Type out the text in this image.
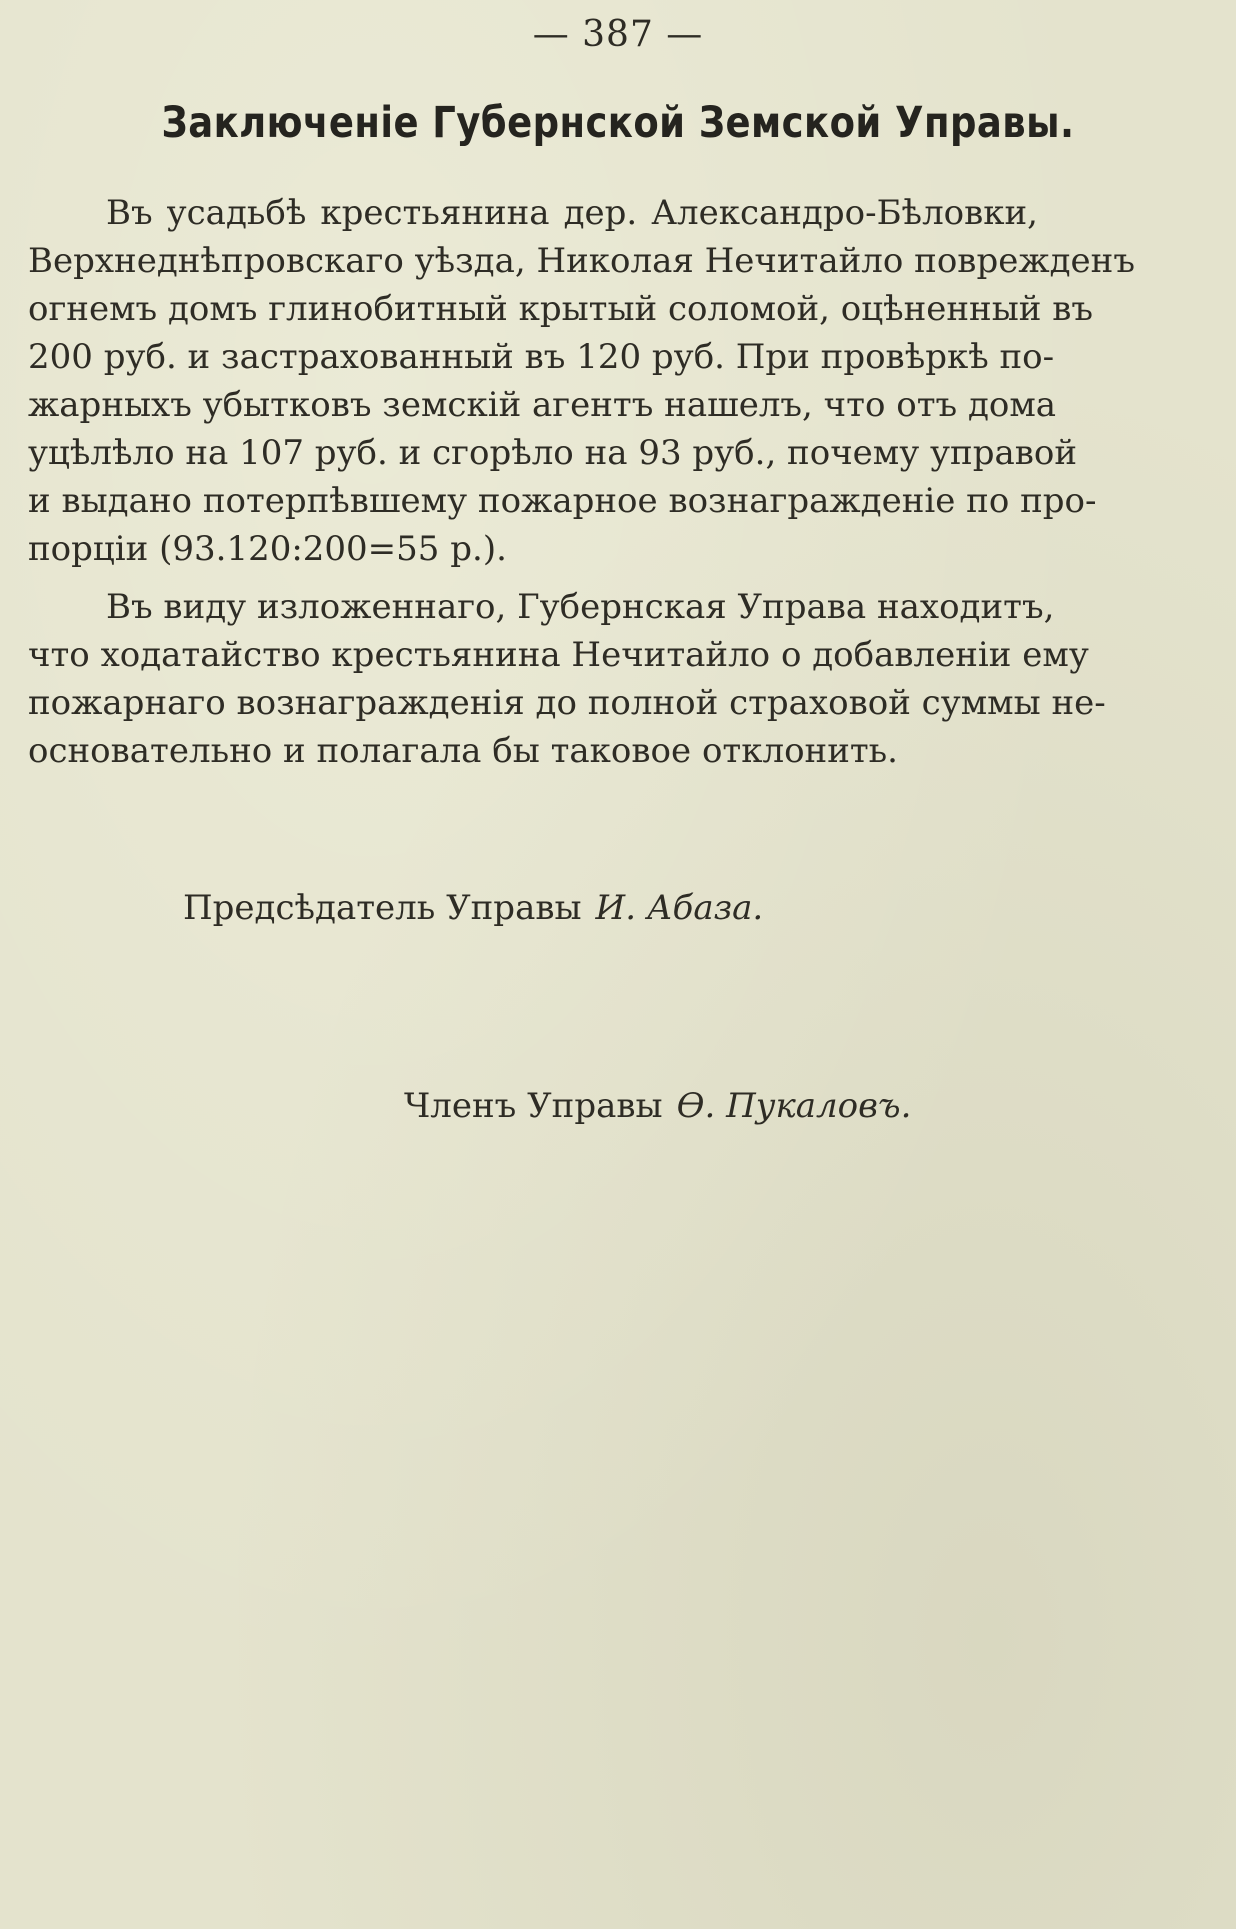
— 387 —
Заключенiе Губернской Земской Управы.
Въ усадьбѣ крестьянина дер. Александро-Бѣловки,
Верхнеднѣпровскаго уѣзда, Николая Нечитайло поврежденъ
огнемъ домъ глинобитный крытый соломой, оцѣненный въ
200 руб. и застрахованный въ 120 руб. При провѣркѣ по-
жарныхъ убытковъ земскiй агентъ нашелъ, что отъ дома
уцѣлѣло на 107 руб. и сгорѣло на 93 руб., почему управой
и выдано потерпѣвшему пожарное вознагражденiе по про-
порцiи (93.120:200=55 р.).
Въ виду изложеннаго, Губернская Управа находитъ,
что ходатайство крестьянина Нечитайло о добавленiи ему
пожарнаго вознагражденiя до полной страховой суммы не-
основательно и полагала бы таковое отклонить.
Предсѣдатель Управы И. Абаза.
Членъ Управы Ѳ. Пукаловъ.
